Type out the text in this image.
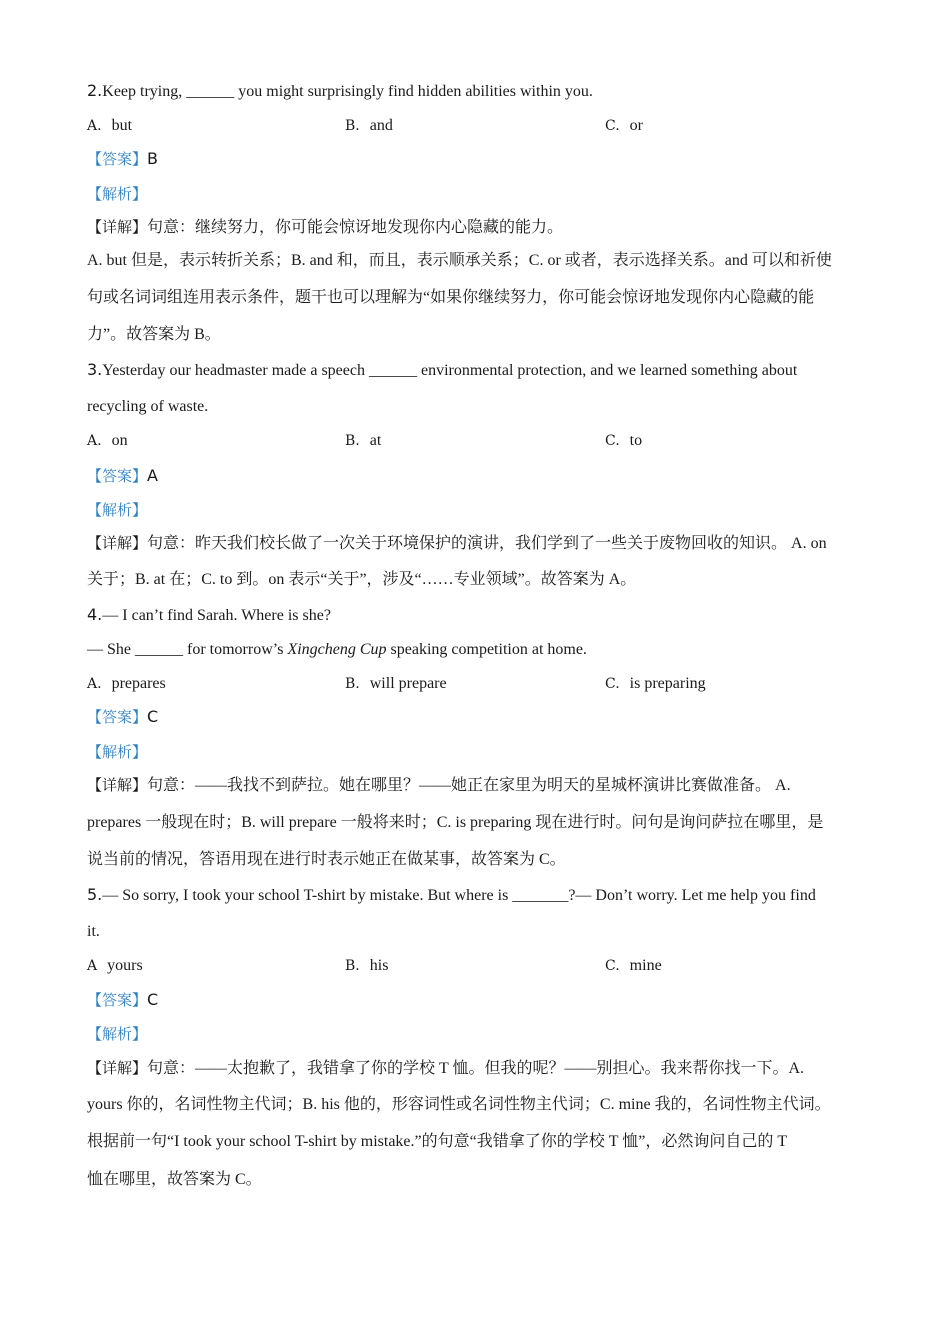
2.Keep trying, ______ you might surprisingly find hidden abilities within you.
A. but	B. and	C. or
【答案】B
【解析】
【详解】句意：继续努力，你可能会惊讶地发现你内心隐藏的能力。
A. but 但是，表示转折关系；B. and 和，而且，表示顺承关系；C. or 或者，表示选择关系。and 可以和祈使
句或名词词组连用表示条件，题干也可以理解为“如果你继续努力，你可能会惊讶地发现你内心隐藏的能
力”。故答案为 B。
3.Yesterday our headmaster made a speech ______ environmental protection, and we learned something about
recycling of waste.
A. on	B. at	C. to
【答案】A
【解析】
【详解】句意：昨天我们校长做了一次关于环境保护的演讲，我们学到了一些关于废物回收的知识。 A. on
关于；B. at 在；C. to 到。on 表示“关于”，涉及“……专业领域”。故答案为 A。
4.— I can’t find Sarah. Where is she?
— She ______ for tomorrow’s Xingcheng Cup speaking competition at home.
A. prepares	B. will prepare	C. is preparing
【答案】C
【解析】
【详解】句意：——我找不到萨拉。她在哪里？——她正在家里为明天的星城杯演讲比赛做准备。 A.
prepares 一般现在时；B. will prepare 一般将来时；C. is preparing 现在进行时。问句是询问萨拉在哪里，是
说当前的情况，答语用现在进行时表示她正在做某事，故答案为 C。
5.— So sorry, I took your school T-shirt by mistake. But where is _______?— Don’t worry. Let me help you find
it.
A yours	B. his	C. mine
【答案】C
【解析】
【详解】句意：——太抱歉了，我错拿了你的学校 T 恤。但我的呢？——别担心。我来帮你找一下。A.
yours 你的，名词性物主代词；B. his 他的，形容词性或名词性物主代词；C. mine 我的，名词性物主代词。
根据前一句“I took your school T-shirt by mistake.”的句意“我错拿了你的学校 T 恤”，必然询问自己的 T
恤在哪里，故答案为 C。
